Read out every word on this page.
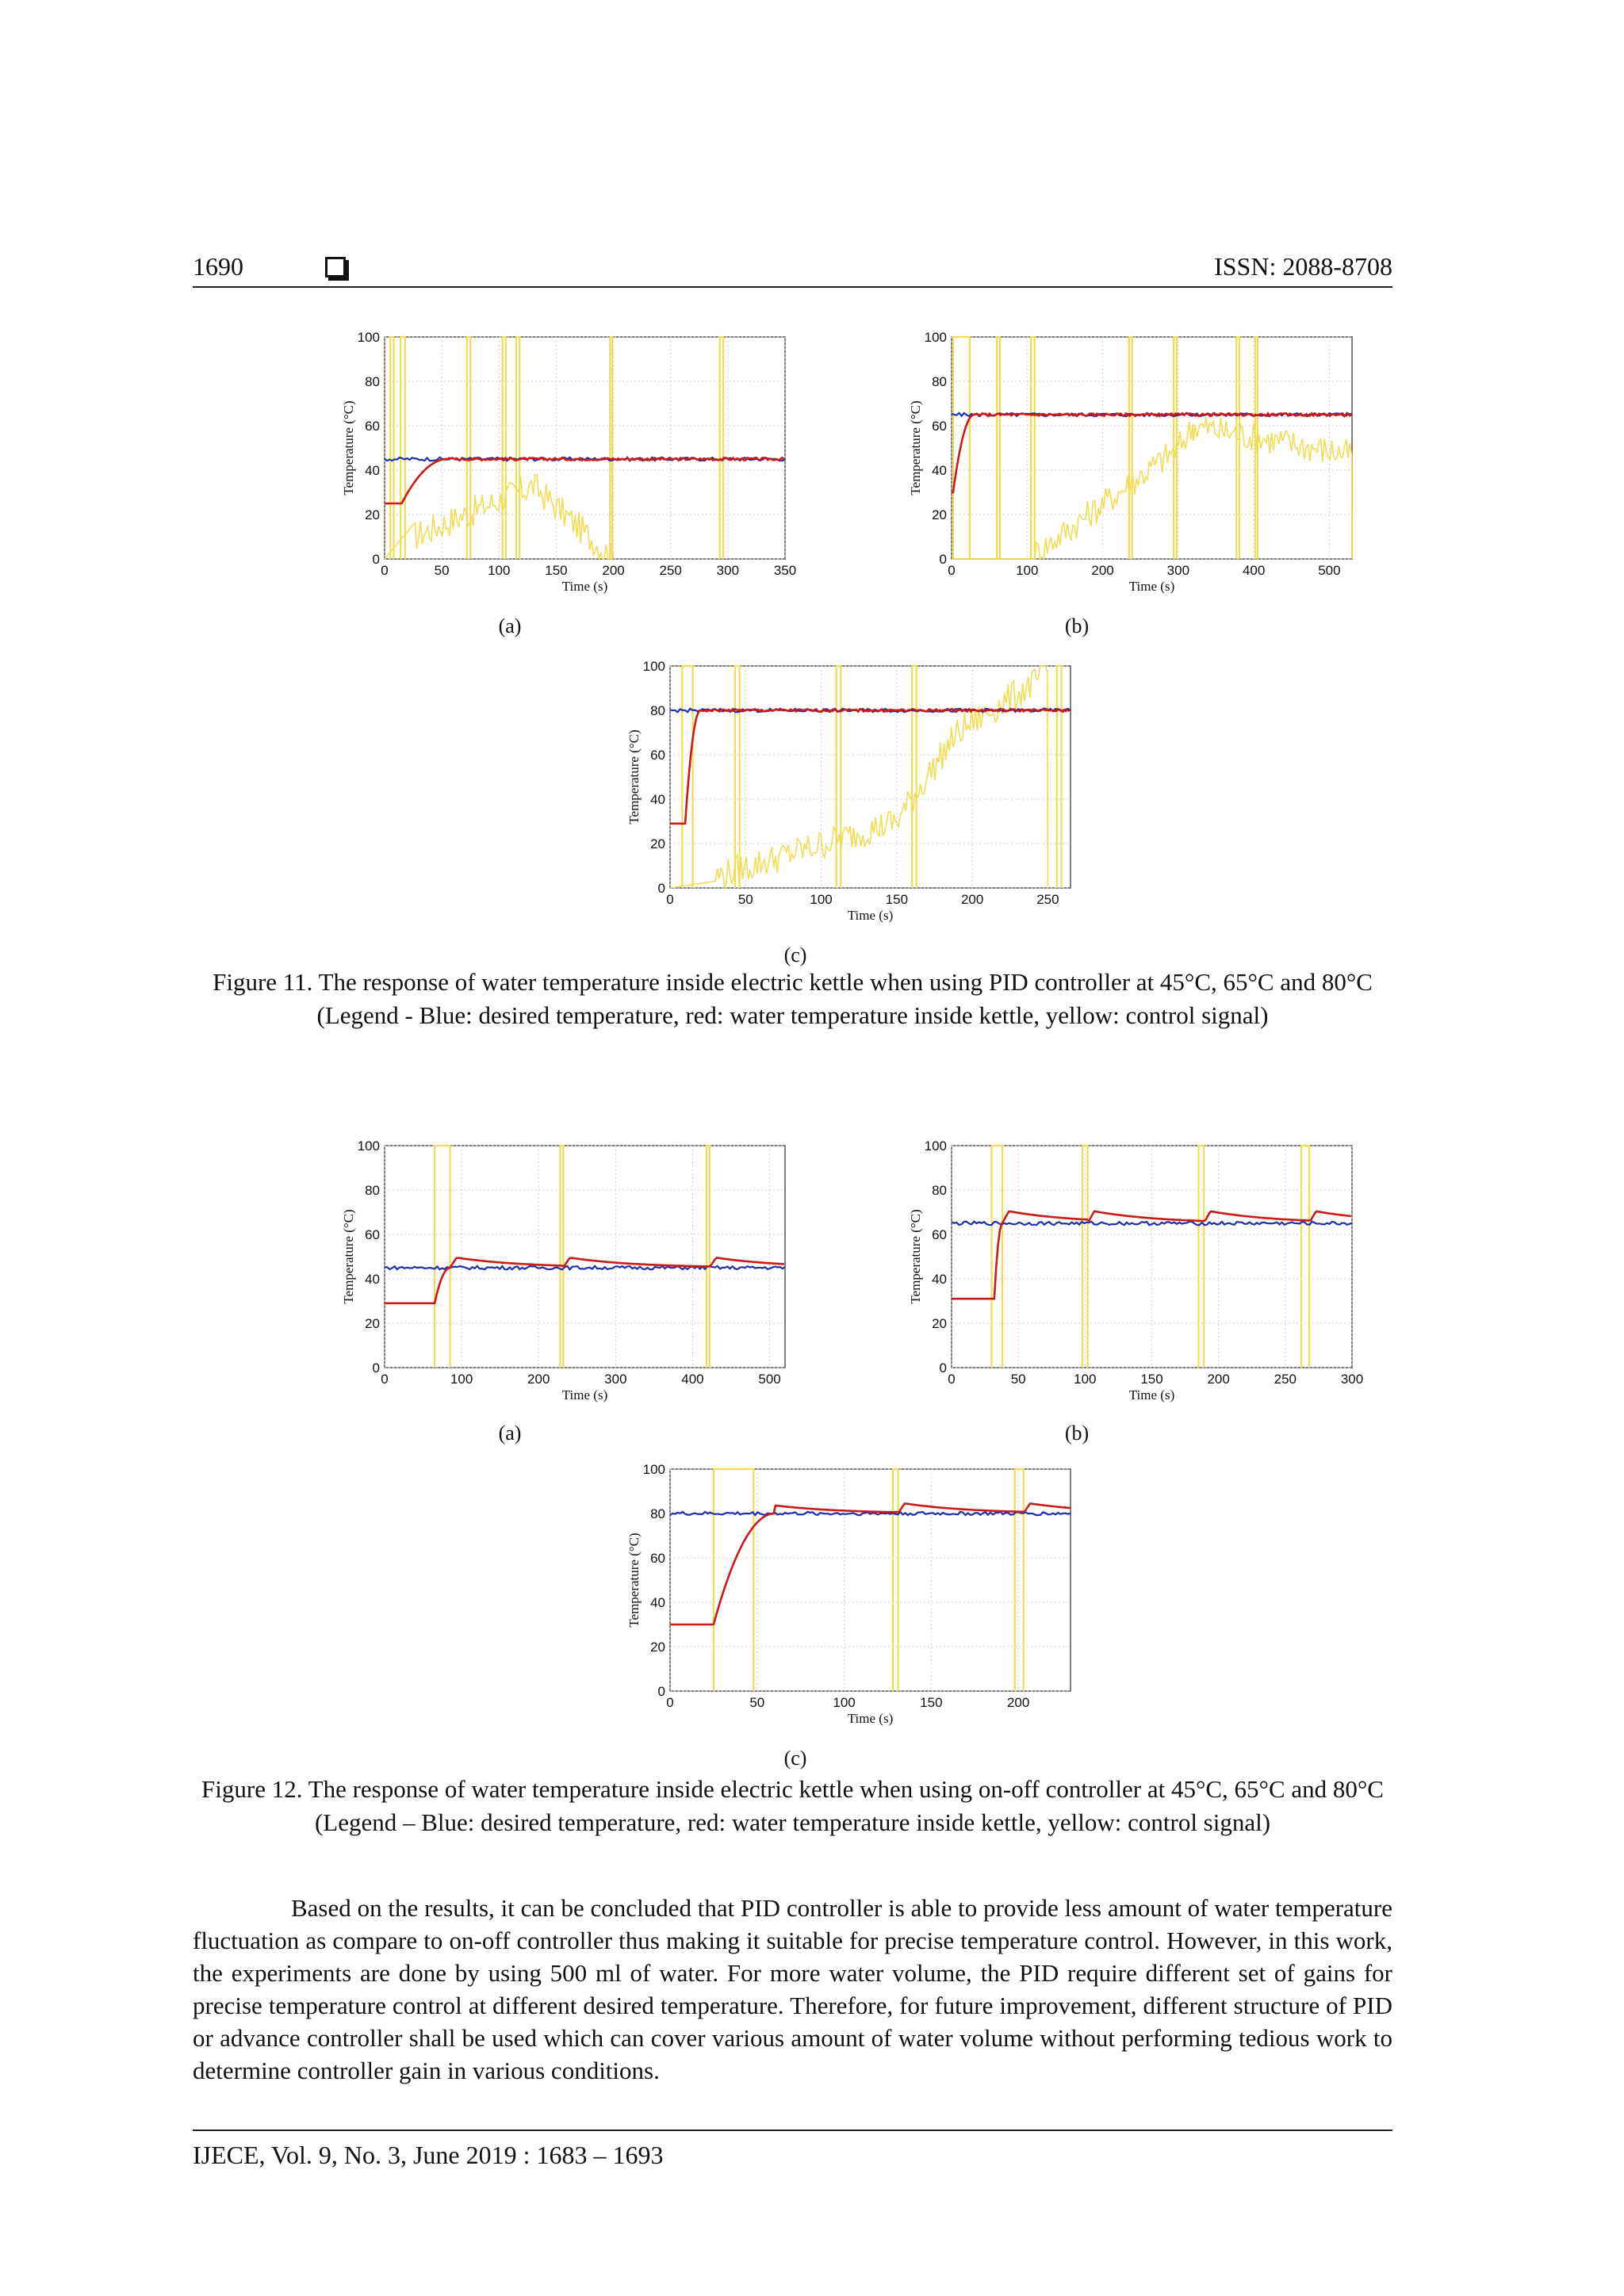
1690	ISSN: 2088-8708
0
20
40
60
80
100
0	50	100	150	200	250	300	350
Time (s)
Temperature (°C)
0
20
40
60
80
100
0	100	200	300	400	500
Time (s)
Temperature (°C)
(a)	(b)
0
20
40
60
80
100
0	50	100	150	200	250
Time (s)
Temperature (°C)
(c)
Figure 11. The response of water temperature inside electric kettle when using PID controller at 45°C, 65°C and 80°C (Legend - Blue: desired temperature, red: water temperature inside kettle, yellow: control signal)
0
20
40
60
80
100
0	100	200	300	400	500
Time (s)
Temperature (°C)
0
20
40
60
80
100
0	50	100	150	200	250	300
Time (s)
Temperature (°C)
(a)	(b)
0
20
40
60
80
100
0	50	100	150	200
Time (s)
Temperature (°C)
(c)
Figure 12. The response of water temperature inside electric kettle when using on-off controller at 45°C, 65°C and 80°C (Legend – Blue: desired temperature, red: water temperature inside kettle, yellow: control signal)

Based on the results, it can be concluded that PID controller is able to provide less amount of water temperature fluctuation as compare to on-off controller thus making it suitable for precise temperature control. However, in this work, the experiments are done by using 500 ml of water. For more water volume, the PID require different set of gains for precise temperature control at different desired temperature. Therefore, for future improvement, different structure of PID or advance controller shall be used which can cover various amount of water volume without performing tedious work to determine controller gain in various conditions.

IJECE, Vol. 9, No. 3, June 2019 : 1683 – 1693
